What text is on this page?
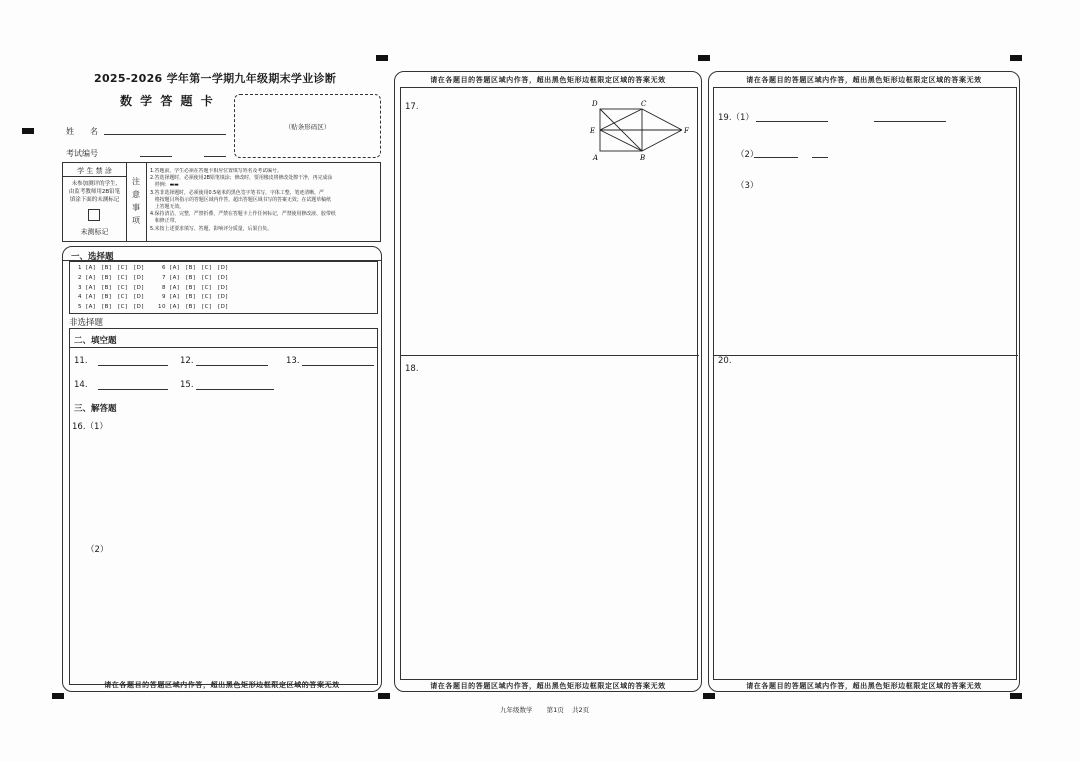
2025-2026 学年第一学期九年级期末学业诊断
数 学 答 题 卡
姓　　名
考试编号
（贴条形码区）
学 生 禁 涂
未参加测评的学生,
由监考教师用2B铅笔
填涂下面的未测标记
未测标记
注
意
事
项
1.答题前，学生必须在答题卡相应位置填写姓名及考试编号。
2.答选择题时，必须使用2B铅笔填涂；修改时，要用橡皮将修改处擦干净，再完成涂
　样例：▬▬
3.答非选择题时，必须使用0.5毫米的黑色签字笔书写，字体工整、笔迹清晰。严
　格按题目所指示的答题区域内作答，超出答题区域书写的答案无效；在试题草稿纸
　上答题无效。
4.保持清洁、完整，严禁折叠，严禁在答题卡上作任何标记，严禁使用修改液、胶带纸
　和修正带。
5.未按上述要求填写、答题，影响评分质量，后果自负。
一、选择题
1 [A] [B] [C] [D]
2 [A] [B] [C] [D]
3 [A] [B] [C] [D]
4 [A] [B] [C] [D]
5 [A] [B] [C] [D]
6 [A] [B] [C] [D]
7 [A] [B] [C] [D]
8 [A] [B] [C] [D]
9 [A] [B] [C] [D]
10 [A] [B] [C] [D]
非选择题
二、填空题
11.	12.	13.
14.	15.
三、解答题
16.（1）
（2）
请在各题目的答题区域内作答，超出黑色矩形边框限定区域的答案无效
请在各题目的答题区域内作答，超出黑色矩形边框限定区域的答案无效
17.	D	C
E	F
A	B
18.
请在各题目的答题区域内作答，超出黑色矩形边框限定区域的答案无效
请在各题目的答题区域内作答，超出黑色矩形边框限定区域的答案无效
19.（1）
（2）
（3）
20.
请在各题目的答题区域内作答，超出黑色矩形边框限定区域的答案无效
九年级数学 第1页 共2页
